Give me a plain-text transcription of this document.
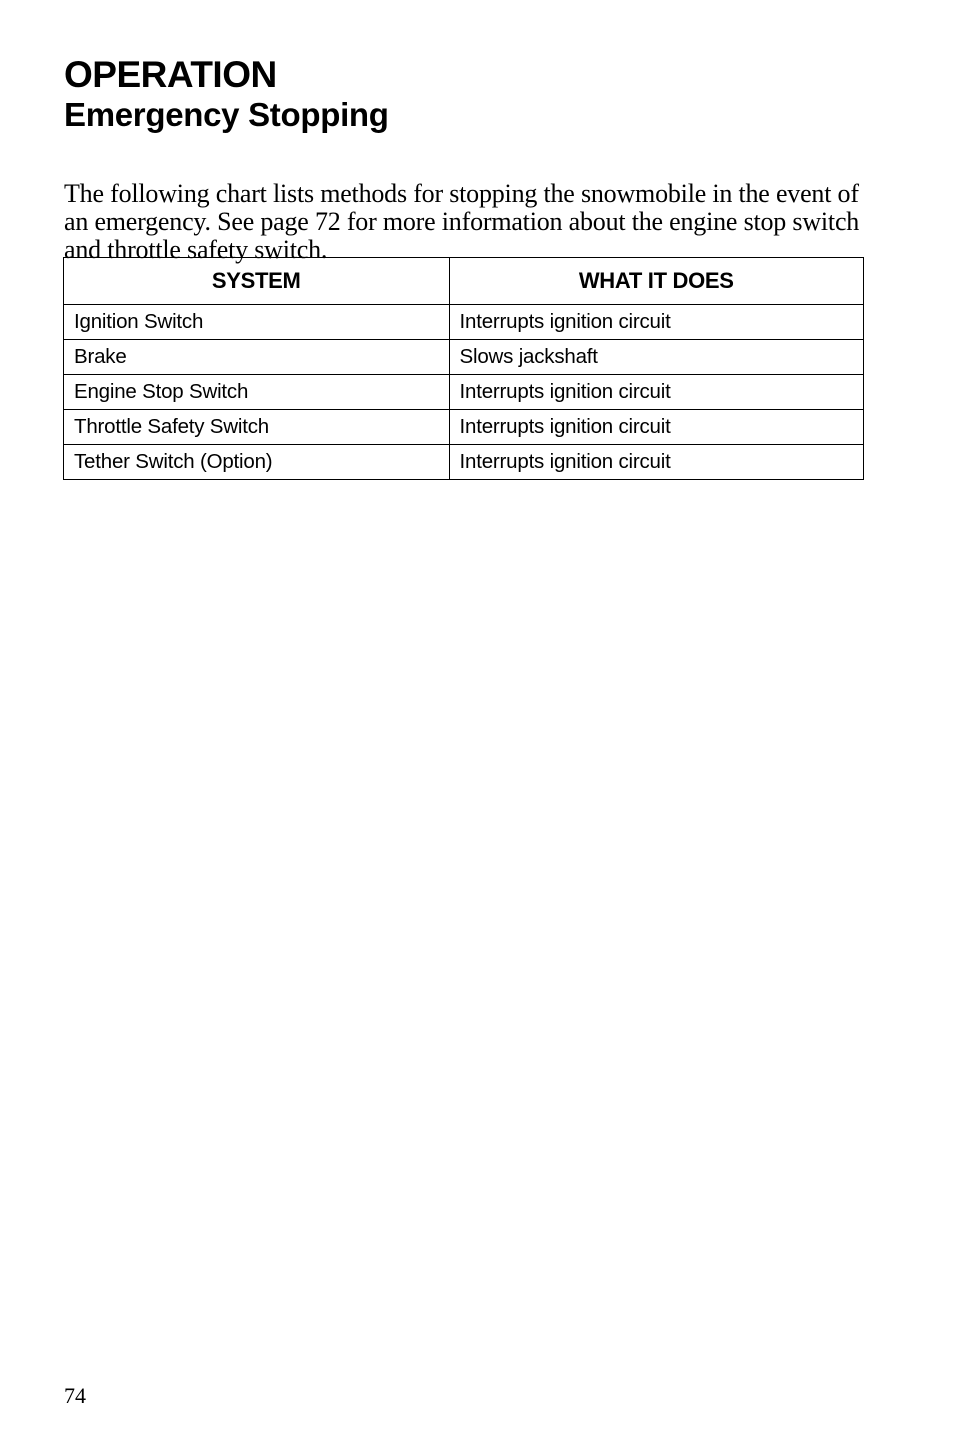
OPERATION
Emergency Stopping

The following chart lists methods for stopping the snowmobile in the event of an emergency. See page 72 for more information about the engine stop switch and throttle safety switch.

SYSTEM	WHAT IT DOES
Ignition Switch	Interrupts ignition circuit
Brake	Slows jackshaft
Engine Stop Switch	Interrupts ignition circuit
Throttle Safety Switch	Interrupts ignition circuit
Tether Switch (Option)	Interrupts ignition circuit
74
